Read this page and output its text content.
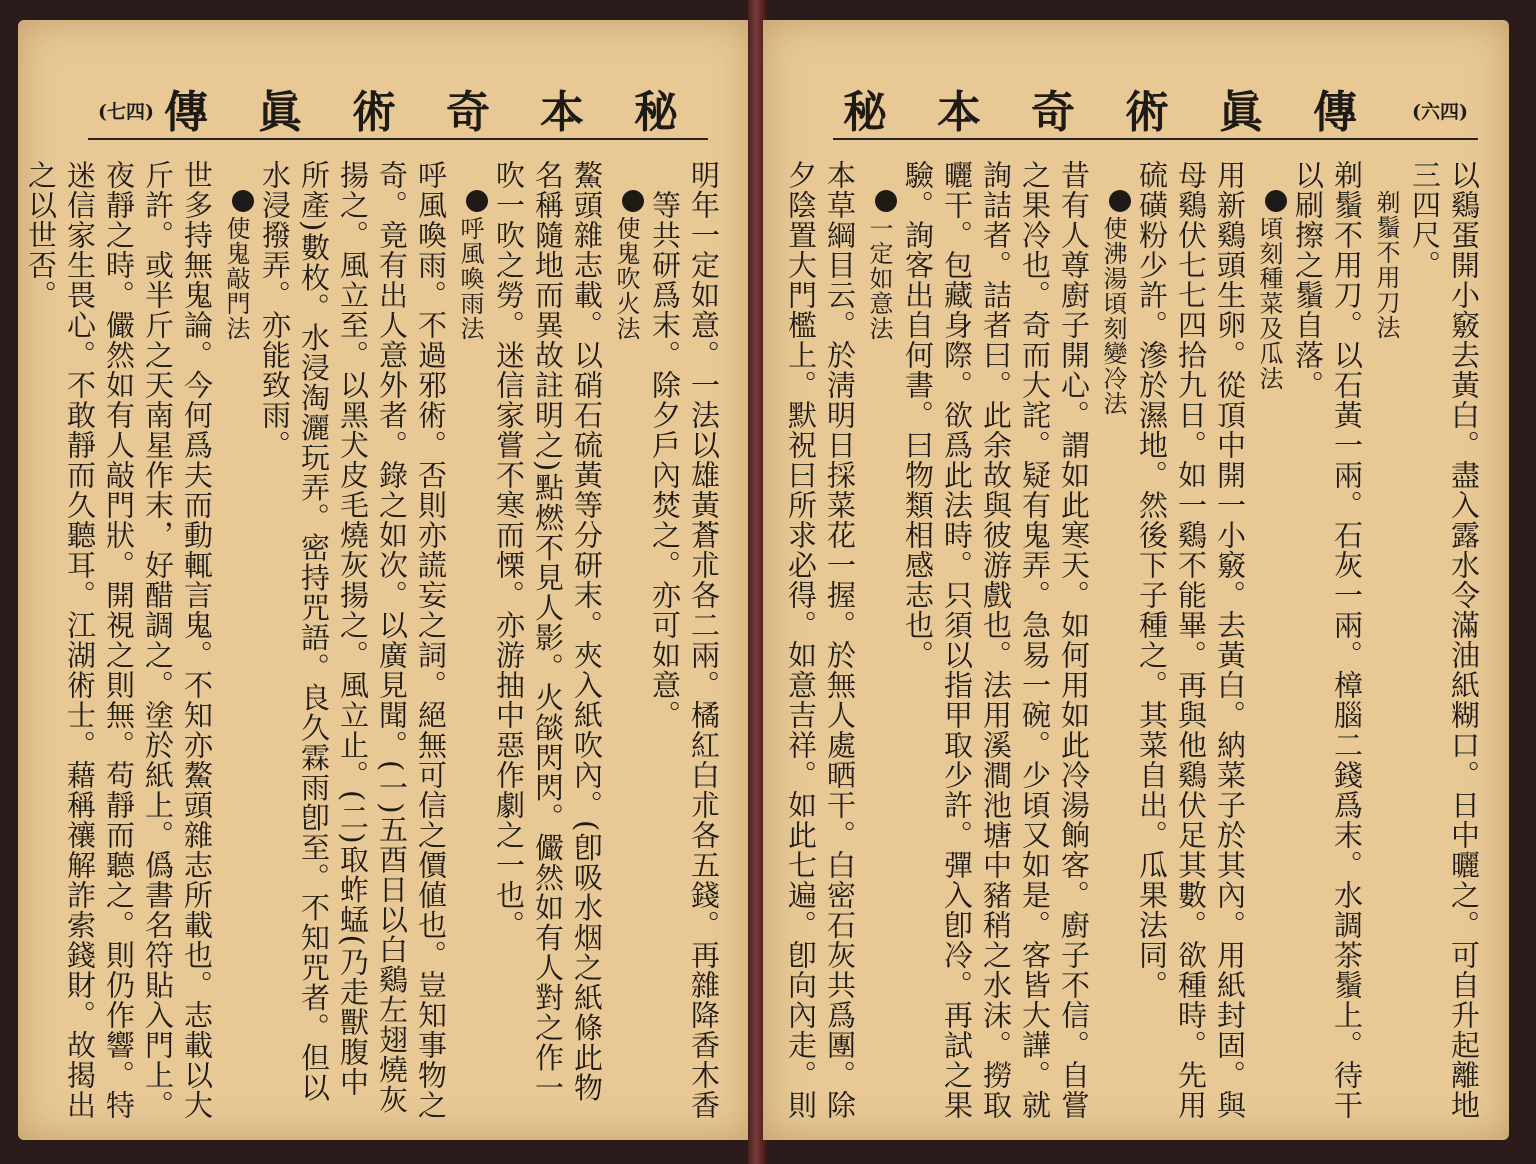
(七四) 傳眞術奇本秘

明年一定如意。一法以雄黃蒼朮各二兩。橘紅白朮各五錢。再雜降香木香

等共研爲末。除夕戶內焚之。亦可如意。

使鬼吹火法

鰲頭雜志載。以硝石硫黃等分研末。夾入紙吹內。(卽吸水烟之紙條此物

名稱隨地而異故註明之)點燃不見人影。火燄閃閃。儼然如有人對之作一

吹一吹之勞。迷信家嘗不寒而慄。亦游抽中惡作劇之一也。

呼風喚雨法

呼風喚雨。不過邪術。否則亦謊妄之詞。絕無可信之價値也。豈知事物之

奇。竟有出人意外者。錄之如次。以廣見聞。(一)五酉日以白鷄左翅燒灰

揚之。風立至。以黑犬皮毛燒灰揚之。風立止。(二)取蚱蜢(乃走獸腹中

所產)數枚。水浸淘灑玩弄。密持咒語。良久霖雨卽至。不知咒者。但以

水浸撥弄。亦能致雨。

使鬼敲門法

世多持無鬼論。今何爲夫而動輒言鬼。不知亦鰲頭雜志所載也。志載以大

斤許。或半斤之天南星作末，好醋調之。塗於紙上。僞書名符貼入門上。

夜靜之時。儼然如有人敲門狀。開視之則無。苟靜而聽之。則仍作響。特

迷信家生畏心。不敢靜而久聽耳。江湖術士。藉稱禳解詐索錢財。故揭出

之以世否。

秘本奇術眞傳 (六四)

以鷄蛋開小竅去黃白。盡入露水令滿油紙糊口。日中曬之。可自升起離地

三四尺。

剃鬚不用刀法

剃鬚不用刀。以石黃一兩。石灰一兩。樟腦二錢爲末。水調茶鬚上。待干

以刷擦之鬚自落。

頃刻種菜及瓜法

用新鷄頭生卵。從頂中開一小竅。去黃白。納菜子於其內。用紙封固。與

母鷄伏七七四拾九日。如一鷄不能畢。再與他鷄伏足其數。欲種時。先用

硫磺粉少許。滲於濕地。然後下子種之。其菜自出。瓜果法同。

使沸湯頃刻變冷法

昔有人尊廚子開心。謂如此寒天。如何用如此冷湯餉客。廚子不信。自嘗

之果冷也。奇而大詫。疑有鬼弄。急易一碗。少頃又如是。客皆大譁。就

詢詰者。詰者曰。此余故與彼游戲也。法用溪澗池塘中豬稍之水沫。撈取

曬干。包藏身際。欲爲此法時。只須以指甲取少許。彈入卽冷。再試之果

驗。詢客出自何書。曰物類相感志也。

一定如意法

本草綱目云。於淸明日採菜花一握。於無人處晒干。白密石灰共爲團。除

夕陰置大門檻上。默祝曰所求必得。如意吉祥。如此七遍。卽向內走。則
